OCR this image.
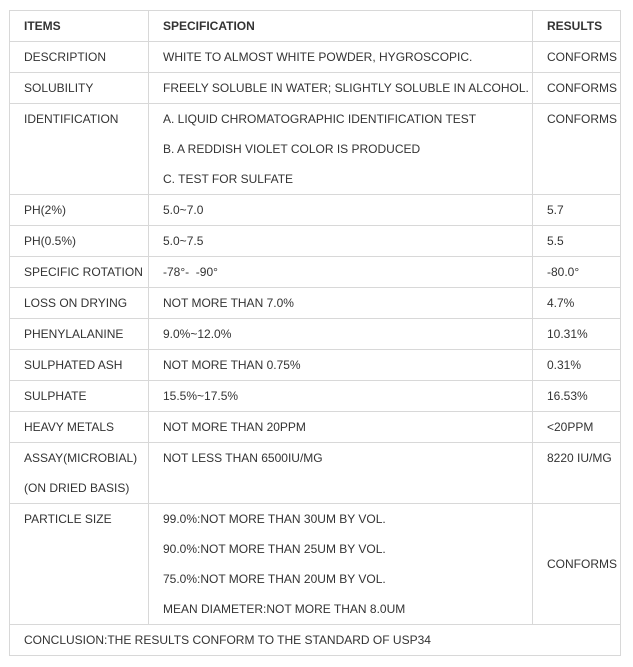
ITEMS	SPECIFICATION	RESULTS
DESCRIPTION	WHITE TO ALMOST WHITE POWDER, HYGROSCOPIC.	CONFORMS
SOLUBILITY	FREELY SOLUBLE IN WATER; SLIGHTLY SOLUBLE IN ALCOHOL.	CONFORMS
IDENTIFICATION	A. LIQUID CHROMATOGRAPHIC IDENTIFICATION TEST
B. A REDDISH VIOLET COLOR IS PRODUCED
C. TEST FOR SULFATE	CONFORMS
PH(2%)	5.0~7.0	5.7
PH(0.5%)	5.0~7.5	5.5
SPECIFIC ROTATION	-78°-  -90°	-80.0°
LOSS ON DRYING	NOT MORE THAN 7.0%	4.7%
PHENYLALANINE	9.0%~12.0%	10.31%
SULPHATED ASH	NOT MORE THAN 0.75%	0.31%
SULPHATE	15.5%~17.5%	16.53%
HEAVY METALS	NOT MORE THAN 20PPM	<20PPM

ASSAY(MICROBIAL)
(ON DRIED BASIS)	NOT LESS THAN 6500IU/MG	8220 IU/MG
PARTICLE SIZE	99.0%:NOT MORE THAN 30UM BY VOL.
90.0%:NOT MORE THAN 25UM BY VOL.
75.0%:NOT MORE THAN 20UM BY VOL.
MEAN DIAMETER:NOT MORE THAN 8.0UM	CONFORMS
CONCLUSION:THE RESULTS CONFORM TO THE STANDARD OF USP34		
